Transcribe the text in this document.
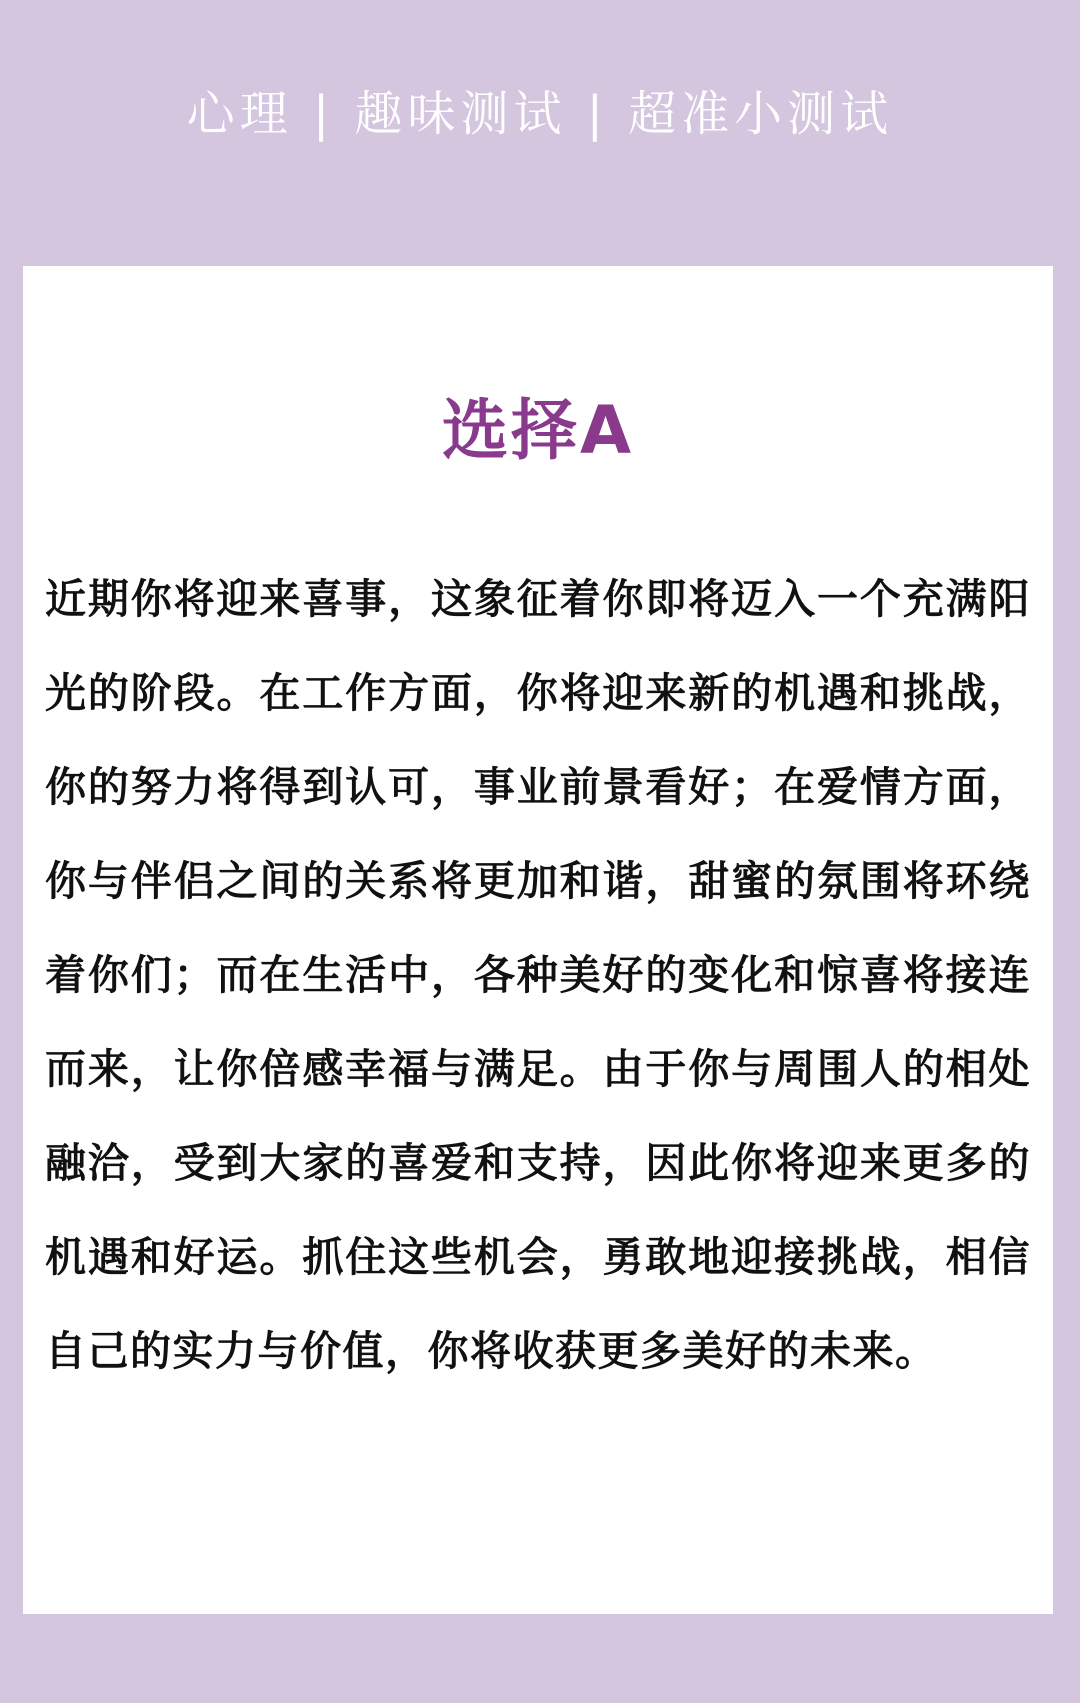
心理 | 趣味测试 | 超准小测试
选择A
近期你将迎来喜事，这象征着你即将迈入一个充满阳光的阶段。在工作方面，你将迎来新的机遇和挑战，你的努力将得到认可，事业前景看好；在爱情方面，你与伴侣之间的关系将更加和谐，甜蜜的氛围将环绕着你们；而在生活中，各种美好的变化和惊喜将接连而来，让你倍感幸福与满足。由于你与周围人的相处融洽，受到大家的喜爱和支持，因此你将迎来更多的机遇和好运。抓住这些机会，勇敢地迎接挑战，相信自己的实力与价值，你将收获更多美好的未来。
